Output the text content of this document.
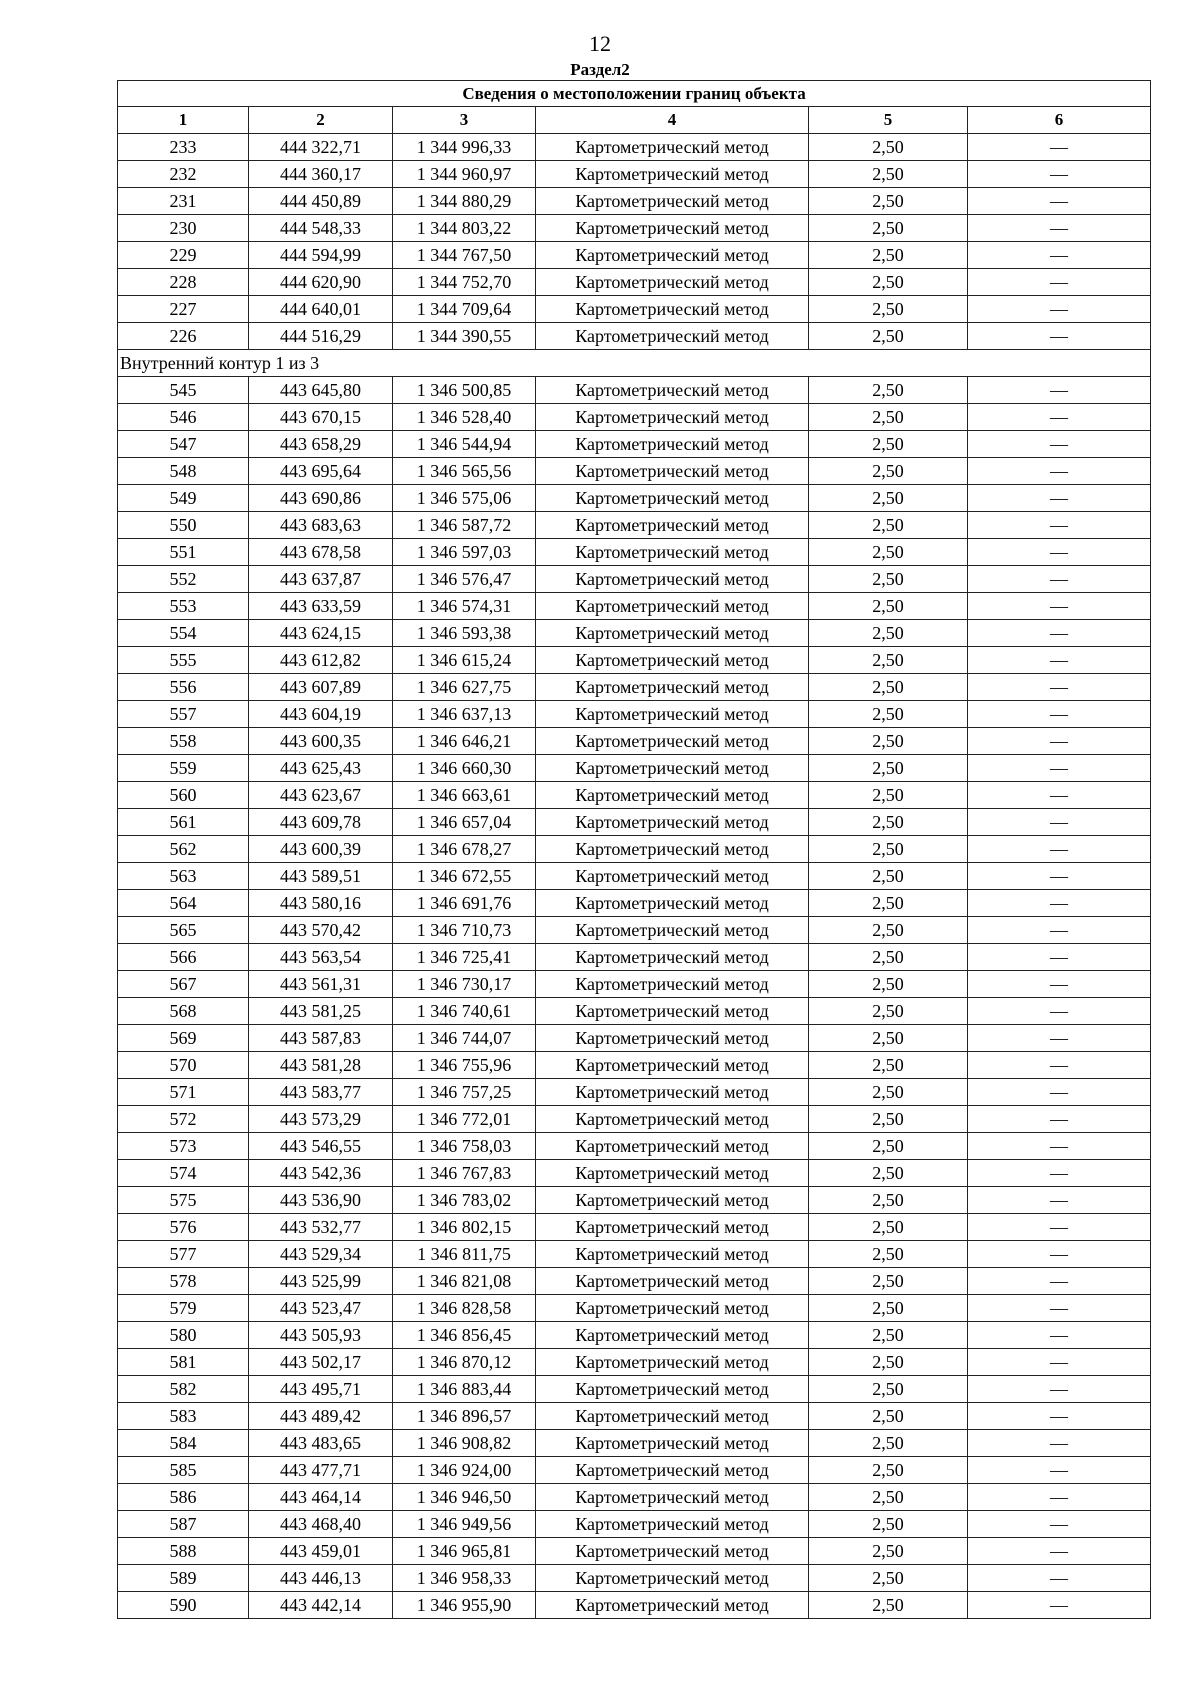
12
Раздел2
Сведения о местоположении границ объекта					
1	2	3	4	5	6
233	444 322,71	1 344 996,33	Картометрический метод	2,50	—
232	444 360,17	1 344 960,97	Картометрический метод	2,50	—
231	444 450,89	1 344 880,29	Картометрический метод	2,50	—
230	444 548,33	1 344 803,22	Картометрический метод	2,50	—
229	444 594,99	1 344 767,50	Картометрический метод	2,50	—
228	444 620,90	1 344 752,70	Картометрический метод	2,50	—
227	444 640,01	1 344 709,64	Картометрический метод	2,50	—
226	444 516,29	1 344 390,55	Картометрический метод	2,50	—
Внутренний контур 1 из 3					
545	443 645,80	1 346 500,85	Картометрический метод	2,50	—
546	443 670,15	1 346 528,40	Картометрический метод	2,50	—
547	443 658,29	1 346 544,94	Картометрический метод	2,50	—
548	443 695,64	1 346 565,56	Картометрический метод	2,50	—
549	443 690,86	1 346 575,06	Картометрический метод	2,50	—
550	443 683,63	1 346 587,72	Картометрический метод	2,50	—
551	443 678,58	1 346 597,03	Картометрический метод	2,50	—
552	443 637,87	1 346 576,47	Картометрический метод	2,50	—
553	443 633,59	1 346 574,31	Картометрический метод	2,50	—
554	443 624,15	1 346 593,38	Картометрический метод	2,50	—
555	443 612,82	1 346 615,24	Картометрический метод	2,50	—
556	443 607,89	1 346 627,75	Картометрический метод	2,50	—
557	443 604,19	1 346 637,13	Картометрический метод	2,50	—
558	443 600,35	1 346 646,21	Картометрический метод	2,50	—
559	443 625,43	1 346 660,30	Картометрический метод	2,50	—
560	443 623,67	1 346 663,61	Картометрический метод	2,50	—
561	443 609,78	1 346 657,04	Картометрический метод	2,50	—
562	443 600,39	1 346 678,27	Картометрический метод	2,50	—
563	443 589,51	1 346 672,55	Картометрический метод	2,50	—
564	443 580,16	1 346 691,76	Картометрический метод	2,50	—
565	443 570,42	1 346 710,73	Картометрический метод	2,50	—
566	443 563,54	1 346 725,41	Картометрический метод	2,50	—
567	443 561,31	1 346 730,17	Картометрический метод	2,50	—
568	443 581,25	1 346 740,61	Картометрический метод	2,50	—
569	443 587,83	1 346 744,07	Картометрический метод	2,50	—
570	443 581,28	1 346 755,96	Картометрический метод	2,50	—
571	443 583,77	1 346 757,25	Картометрический метод	2,50	—
572	443 573,29	1 346 772,01	Картометрический метод	2,50	—
573	443 546,55	1 346 758,03	Картометрический метод	2,50	—
574	443 542,36	1 346 767,83	Картометрический метод	2,50	—
575	443 536,90	1 346 783,02	Картометрический метод	2,50	—
576	443 532,77	1 346 802,15	Картометрический метод	2,50	—
577	443 529,34	1 346 811,75	Картометрический метод	2,50	—
578	443 525,99	1 346 821,08	Картометрический метод	2,50	—
579	443 523,47	1 346 828,58	Картометрический метод	2,50	—
580	443 505,93	1 346 856,45	Картометрический метод	2,50	—
581	443 502,17	1 346 870,12	Картометрический метод	2,50	—
582	443 495,71	1 346 883,44	Картометрический метод	2,50	—
583	443 489,42	1 346 896,57	Картометрический метод	2,50	—
584	443 483,65	1 346 908,82	Картометрический метод	2,50	—
585	443 477,71	1 346 924,00	Картометрический метод	2,50	—
586	443 464,14	1 346 946,50	Картометрический метод	2,50	—
587	443 468,40	1 346 949,56	Картометрический метод	2,50	—
588	443 459,01	1 346 965,81	Картометрический метод	2,50	—
589	443 446,13	1 346 958,33	Картометрический метод	2,50	—
590	443 442,14	1 346 955,90	Картометрический метод	2,50	—
